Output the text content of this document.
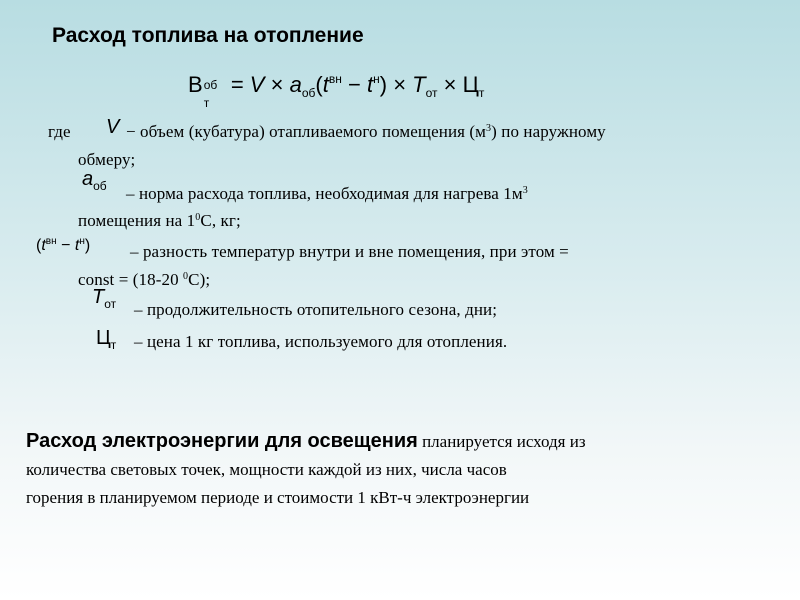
Расход топлива на отопление
В об
т
= $V \times a_{об}(t^{вн} - t^н) \times T_{от} \times Ц_т$
где V − объем (кубатура) отапливаемого помещения $(м^3)$ по наружному
обмеру;
$a_{об}$ – норма расхода топлива, необходимая для нагрева $1м^3$
помещения на $1^0С$, кг;
$(t^{вн} - t^н)$ – разность температур внутри и вне помещения, при этом =
const = (18-20 $^0$С);
$T_{от}$ – продолжительность отопительного сезона, дни;
$Ц_т$ – цена 1 кг топлива, используемого для отопления.
Расход электроэнергии для освещения планируется исходя из
количества световых точек, мощности каждой из них, числа часов
горения в планируемом периоде и стоимости 1 кВт-ч электроэнергии
